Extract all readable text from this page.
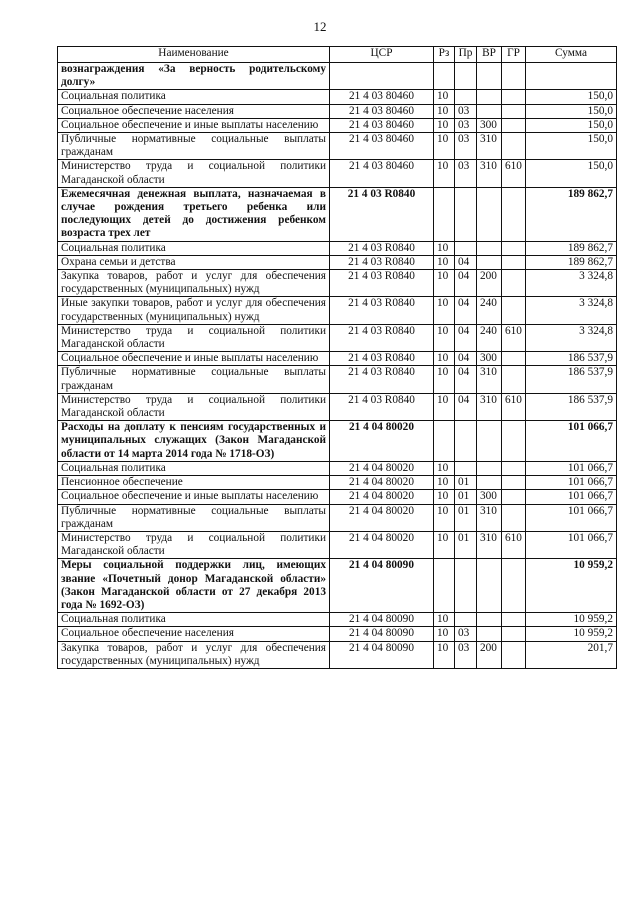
12
Наименование	ЦСР	Рз	Пр	ВР	ГР	Сумма
вознаграждения «За верность родительскому долгу»						
Социальная политика	21 4 03 80460	10				150,0
Социальное обеспечение населения	21 4 03 80460	10	03			150,0
Социальное обеспечение и иные выплаты населению	21 4 03 80460	10	03	300		150,0
Публичные нормативные социальные выплаты гражданам	21 4 03 80460	10	03	310		150,0
Министерство труда и социальной политики Магаданской области	21 4 03 80460	10	03	310	610	150,0
Ежемесячная денежная выплата, назначаемая в случае рождения третьего ребенка или последующих детей до достижения ребенком возраста трех лет	21 4 03 R0840					189 862,7
Социальная политика	21 4 03 R0840	10				189 862,7
Охрана семьи и детства	21 4 03 R0840	10	04			189 862,7
Закупка товаров, работ и услуг для обеспечения государственных (муниципальных) нужд	21 4 03 R0840	10	04	200		3 324,8
Иные закупки товаров, работ и услуг для обеспечения государственных (муниципальных) нужд	21 4 03 R0840	10	04	240		3 324,8
Министерство труда и социальной политики Магаданской области	21 4 03 R0840	10	04	240	610	3 324,8
Социальное обеспечение и иные выплаты населению	21 4 03 R0840	10	04	300		186 537,9
Публичные нормативные социальные выплаты гражданам	21 4 03 R0840	10	04	310		186 537,9
Министерство труда и социальной политики Магаданской области	21 4 03 R0840	10	04	310	610	186 537,9
Расходы на доплату к пенсиям государственных и муниципальных служащих (Закон Магаданской области от 14 марта 2014 года № 1718-ОЗ)	21 4 04 80020					101 066,7
Социальная политика	21 4 04 80020	10				101 066,7
Пенсионное обеспечение	21 4 04 80020	10	01			101 066,7
Социальное обеспечение и иные выплаты населению	21 4 04 80020	10	01	300		101 066,7
Публичные нормативные социальные выплаты гражданам	21 4 04 80020	10	01	310		101 066,7
Министерство труда и социальной политики Магаданской области	21 4 04 80020	10	01	310	610	101 066,7
Меры социальной поддержки лиц, имеющих звание «Почетный донор Магаданской области» (Закон Магаданской области от 27 декабря 2013 года № 1692-ОЗ)	21 4 04 80090					10 959,2
Социальная политика	21 4 04 80090	10				10 959,2
Социальное обеспечение населения	21 4 04 80090	10	03			10 959,2
Закупка товаров, работ и услуг для обеспечения государственных (муниципальных) нужд	21 4 04 80090	10	03	200		201,7
